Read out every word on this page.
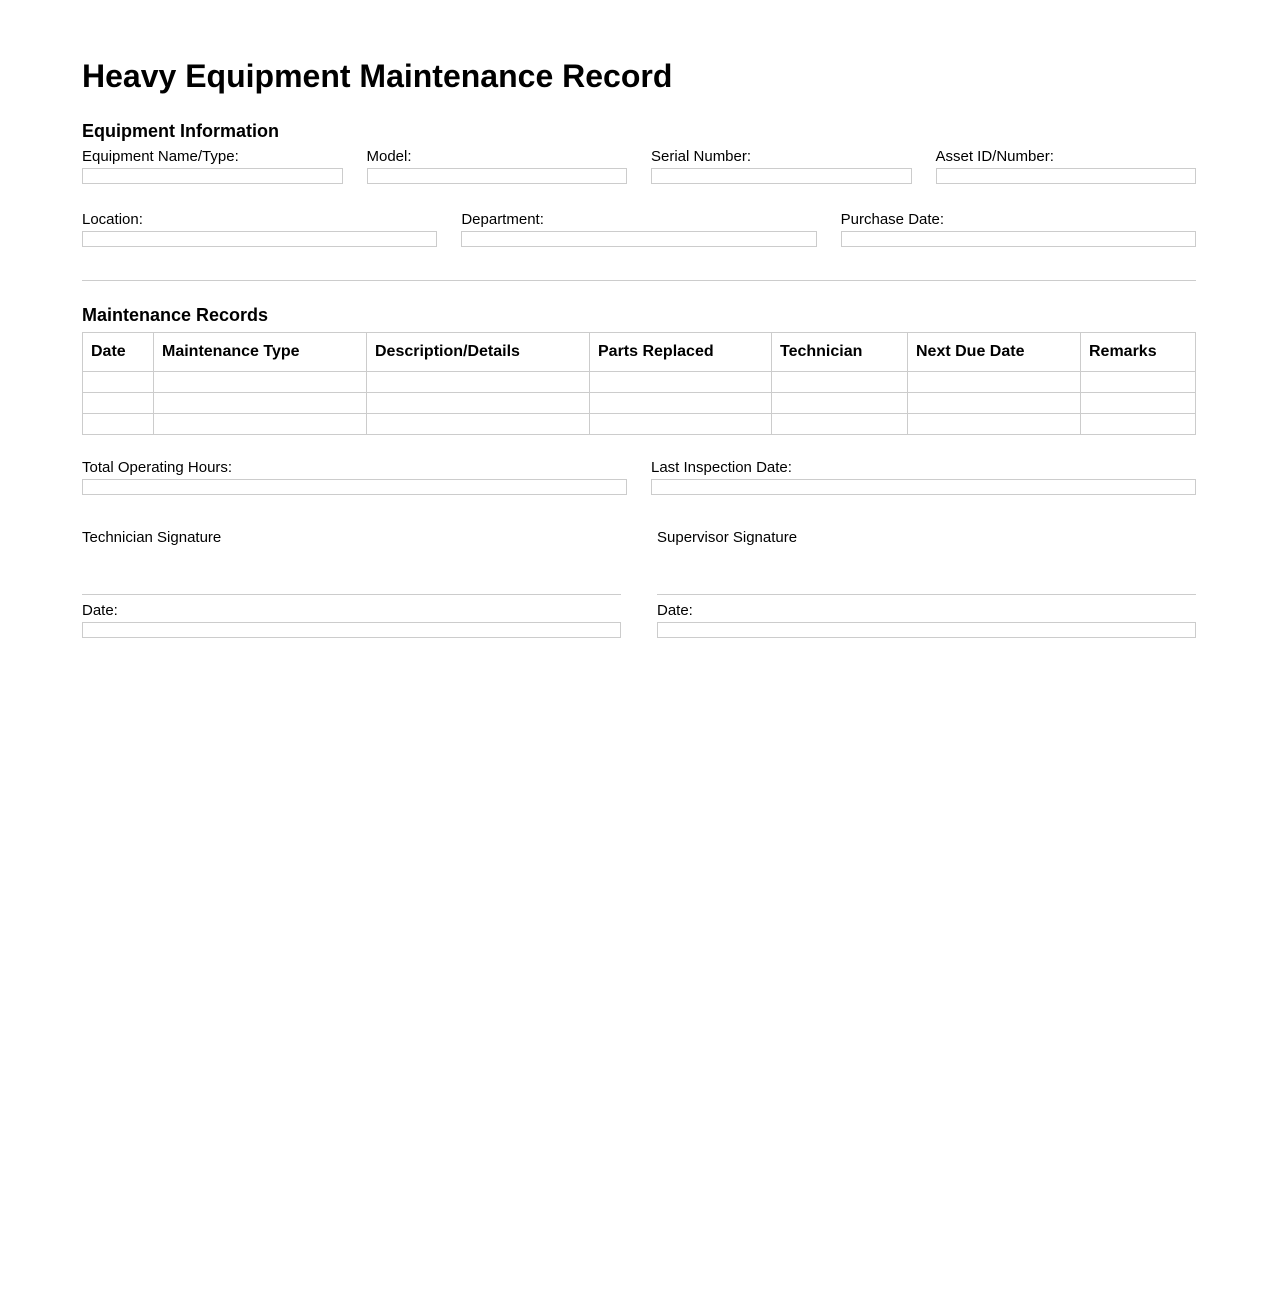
Heavy Equipment Maintenance Record
Equipment Information
Equipment Name/Type:	Model:	Serial Number:	Asset ID/Number:
Location:	Department:	Purchase Date:
Maintenance Records
Date	Maintenance Type	Description/Details	Parts Replaced	Technician	Next Due Date	Remarks

Total Operating Hours:	Last Inspection Date:
Technician Signature
Date:
Supervisor Signature
Date:
